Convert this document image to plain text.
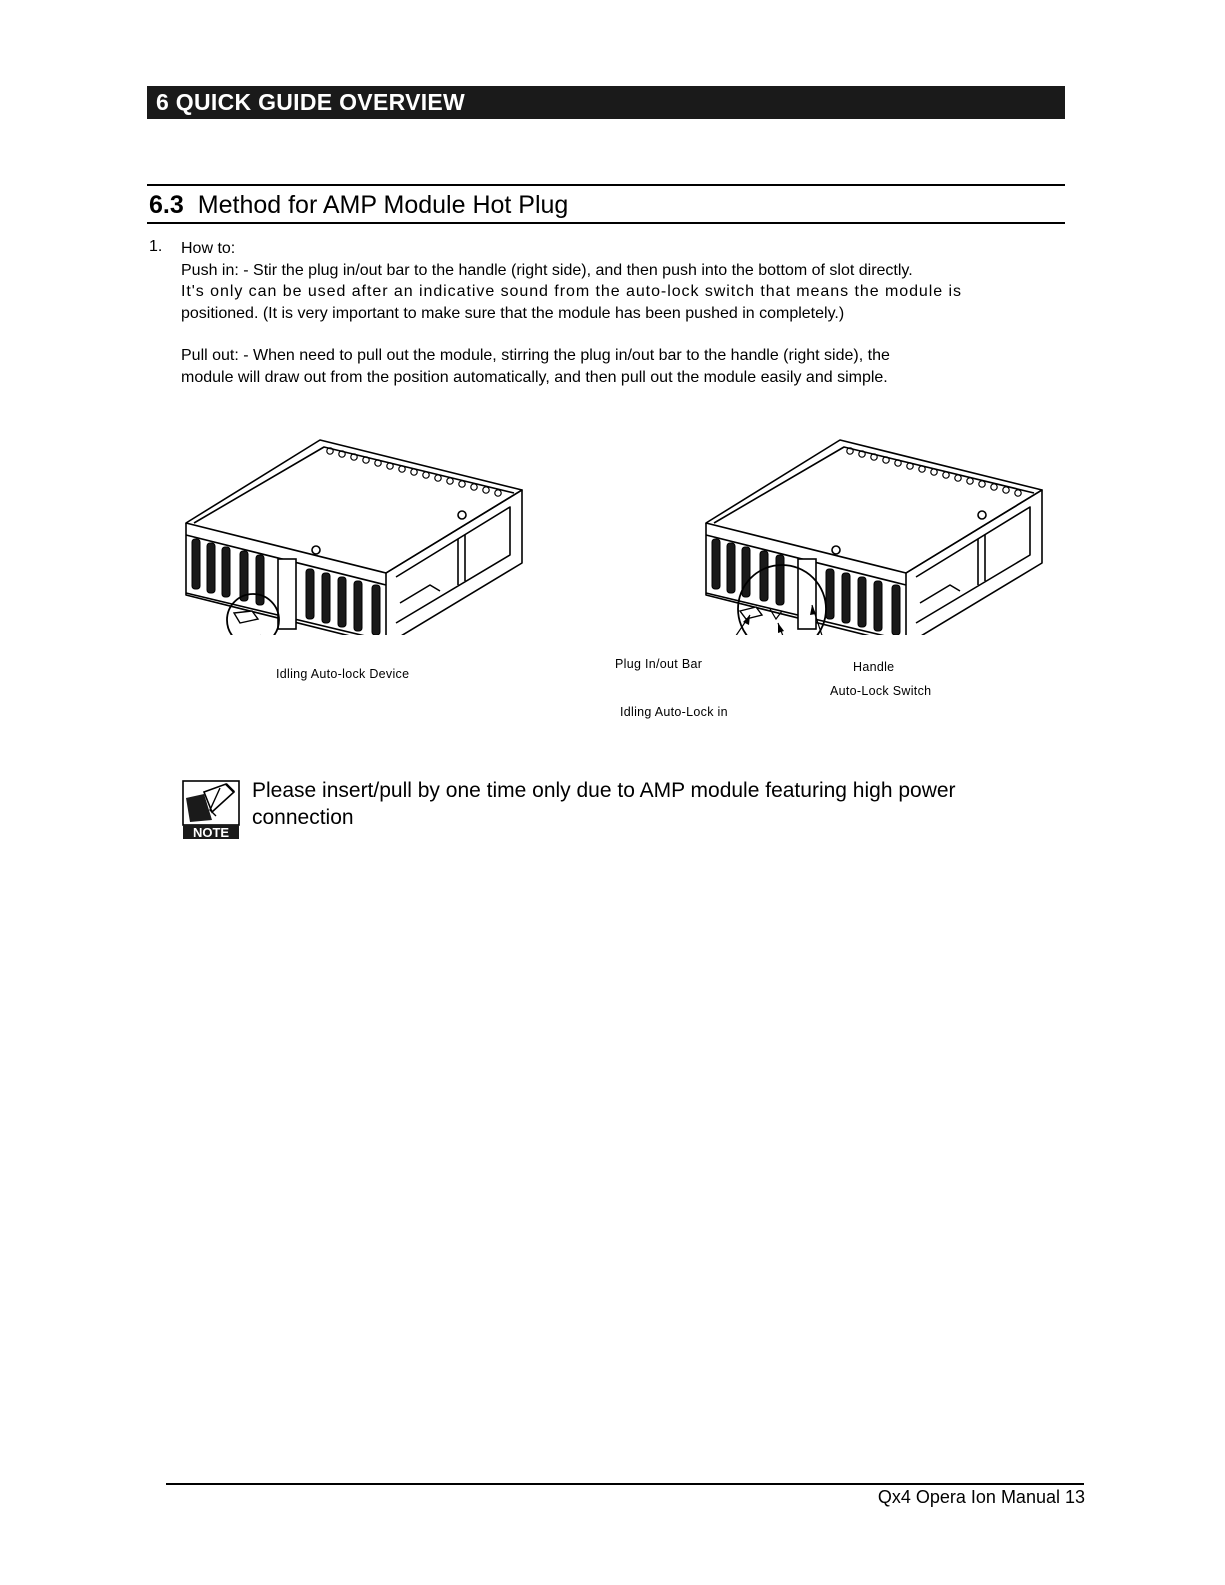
6 QUICK GUIDE OVERVIEW
6.3 Method for AMP Module Hot Plug
1. How to:
Push in: - Stir the plug in/out bar to the handle (right side), and then push into the bottom of slot directly.
It's only can be used after an indicative sound from the auto-lock switch that means the module is
positioned. (It is very important to make sure that the module has been pushed in completely.)
Pull out: - When need to pull out the module, stirring the plug in/out bar to the handle (right side), the
module will draw out from the position automatically, and then pull out the module easily and simple.
Idling Auto-lock Device
Plug In/out Bar	Handle
Auto-Lock Switch
Idling Auto-Lock in
NOTE
Please insert/pull by one time only due to AMP module featuring high power connection
Qx4 Opera Ion Manual 13
